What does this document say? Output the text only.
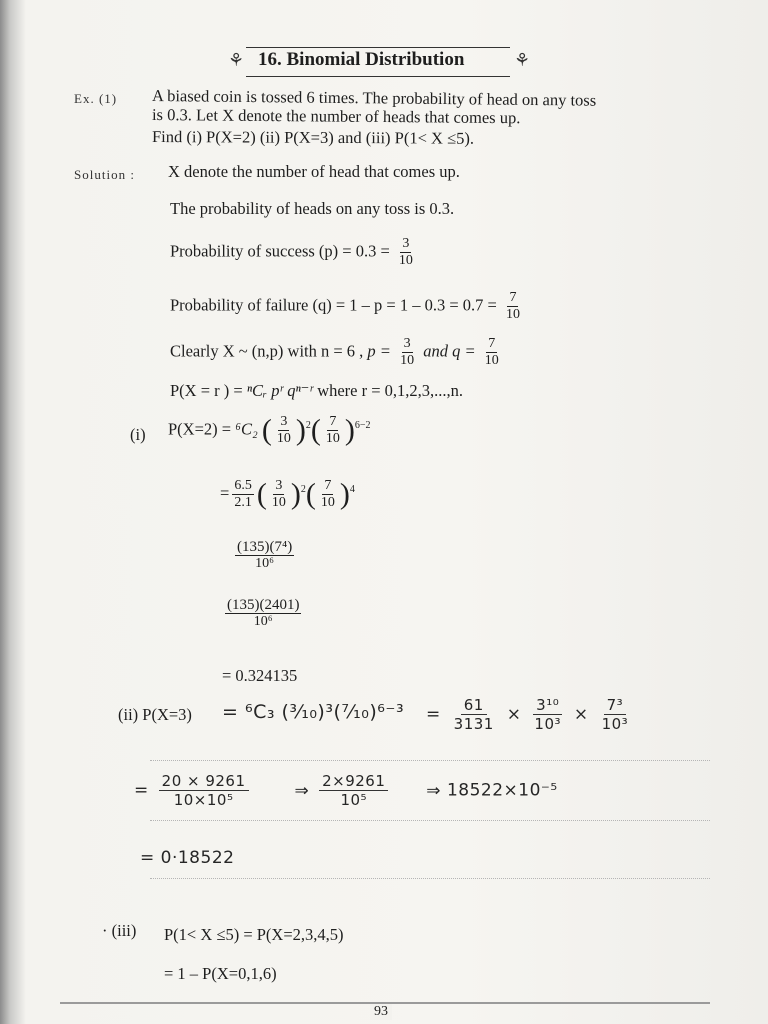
⚘ 16. Binomial Distribution	⚘
Ex. (1) A biased coin is tossed 6 times. The probability of head on any toss
is 0.3. Let X denote the number of heads that comes up.
Find (i) P(X=2) (ii) P(X=3) and (iii) P(1< X ≤5).
Solution : X denote the number of head that comes up.
The probability of heads on any toss is 0.3.
Probability of success $(p) = 0.3 = \frac{3}{10}$
Probability of failure $(q) = 1 - p = 1 - 0.3 = 0.7 = \frac{7}{10}$
Clearly X ~ (n,p) with n = 6 , $p = \frac{3}{10}$ and $q = \frac{7}{10}$
P(X = r ) = ⁿCᵣ pʳ qⁿ⁻ʳ where r = 0,1,2,3,...,n.
(i) P(X=2) = ⁶C₂ ( $\frac{3}{10} )^2( \frac{7}{10} )^{6-2}$
= $\frac{6.5}{2.1}$ ( $\frac{3}{10} )^2( \frac{7}{10} )^4$
$\frac{\text{(135)(7⁴)}}{\text{10⁶}}$
$\frac{(135)(2401)}{\text{10⁶}}$
= 0.324135
(ii) P(X=3) = ⁶C₃ (³⁄₁₀)³(⁷⁄₁₀)⁶⁻³ = $\frac{61}{3131} \times \frac{\text{3¹⁰}}{\text{10³}} \times \frac{\text{7³}}{\text{10³}}$
= $\frac{20 \times 9261}{\text{10×10⁵}}$	⇒ $\frac{2\times 9261}{\text{10⁵}}$ ⇒ 18522×10⁻⁵
= 0·18522
· (iii) P(1< X ≤5) = P(X=2,3,4,5)
= 1 – P(X=0,1,6)
93
